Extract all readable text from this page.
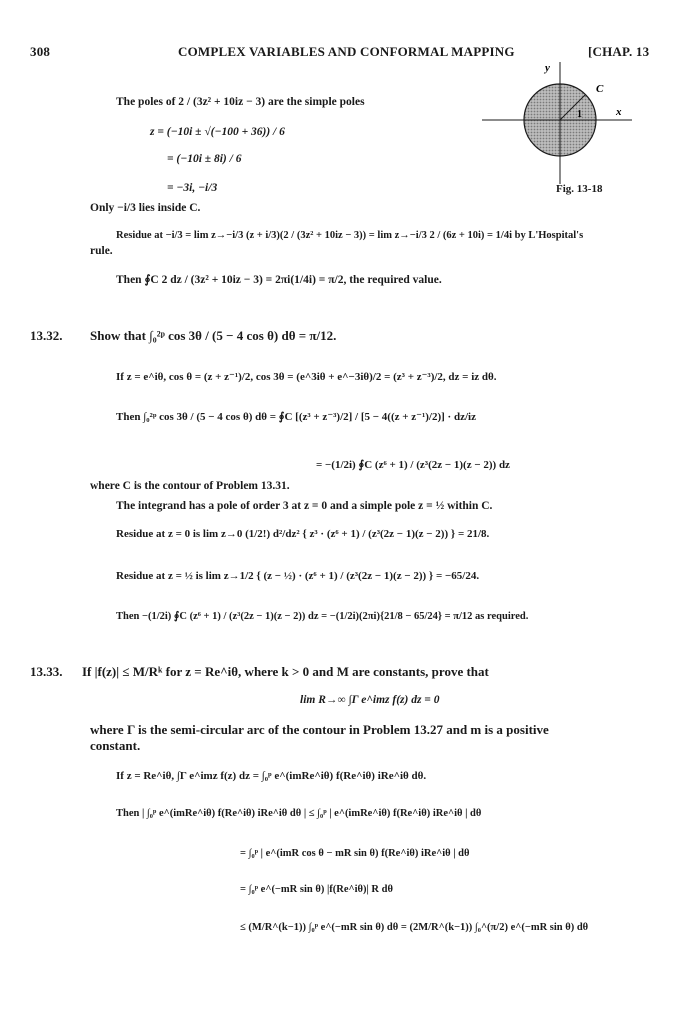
308	COMPLEX VARIABLES AND CONFORMAL MAPPING	[CHAP. 13
y
x
C
1
Fig. 13-18
The poles of 2 / (3z² + 10iz − 3) are the simple poles
z = (−10i ± √(−100 + 36)) / 6
= (−10i ± 8i) / 6
= −3i, −i/3
Only −i/3 lies inside C.
Residue at −i/3 = lim z→−i/3 (z + i/3)(2 / (3z² + 10iz − 3)) = lim z→−i/3 2 / (6z + 10i) = 1/4i by L'Hospital's
rule.
Then ∮C 2 dz / (3z² + 10iz − 3) = 2πi(1/4i) = π/2, the required value.
13.32. Show that ∫₀²ᵖ cos 3θ / (5 − 4 cos θ) dθ = π/12.
If z = e^iθ, cos θ = (z + z⁻¹)/2, cos 3θ = (e^3iθ + e^−3iθ)/2 = (z³ + z⁻³)/2, dz = iz dθ.
Then ∫₀²ᵖ cos 3θ / (5 − 4 cos θ) dθ = ∮C [(z³ + z⁻³)/2] / [5 − 4((z + z⁻¹)/2)] · dz/iz
= −(1/2i) ∮C (z⁶ + 1) / (z³(2z − 1)(z − 2)) dz
where C is the contour of Problem 13.31.
The integrand has a pole of order 3 at z = 0 and a simple pole z = ½ within C.
Residue at z = 0 is lim z→0 (1/2!) d²/dz² { z³ · (z⁶ + 1) / (z³(2z − 1)(z − 2)) } = 21/8.
Residue at z = ½ is lim z→1/2 { (z − ½) · (z⁶ + 1) / (z³(2z − 1)(z − 2)) } = −65/24.
Then −(1/2i) ∮C (z⁶ + 1) / (z³(2z − 1)(z − 2)) dz = −(1/2i)(2πi){21/8 − 65/24} = π/12 as required.
13.33. If |f(z)| ≤ M/Rᵏ for z = Re^iθ, where k > 0 and M are constants, prove that
lim R→∞ ∫Γ e^imz f(z) dz = 0
where Γ is the semi-circular arc of the contour in Problem 13.27 and m is a positive
constant.
If z = Re^iθ, ∫Γ e^imz f(z) dz = ∫₀ᵖ e^(imRe^iθ) f(Re^iθ) iRe^iθ dθ.
Then | ∫₀ᵖ e^(imRe^iθ) f(Re^iθ) iRe^iθ dθ | ≤ ∫₀ᵖ | e^(imRe^iθ) f(Re^iθ) iRe^iθ | dθ
= ∫₀ᵖ | e^(imR cos θ − mR sin θ) f(Re^iθ) iRe^iθ | dθ
= ∫₀ᵖ e^(−mR sin θ) |f(Re^iθ)| R dθ
≤ (M/R^(k−1)) ∫₀ᵖ e^(−mR sin θ) dθ = (2M/R^(k−1)) ∫₀^(π/2) e^(−mR sin θ) dθ
